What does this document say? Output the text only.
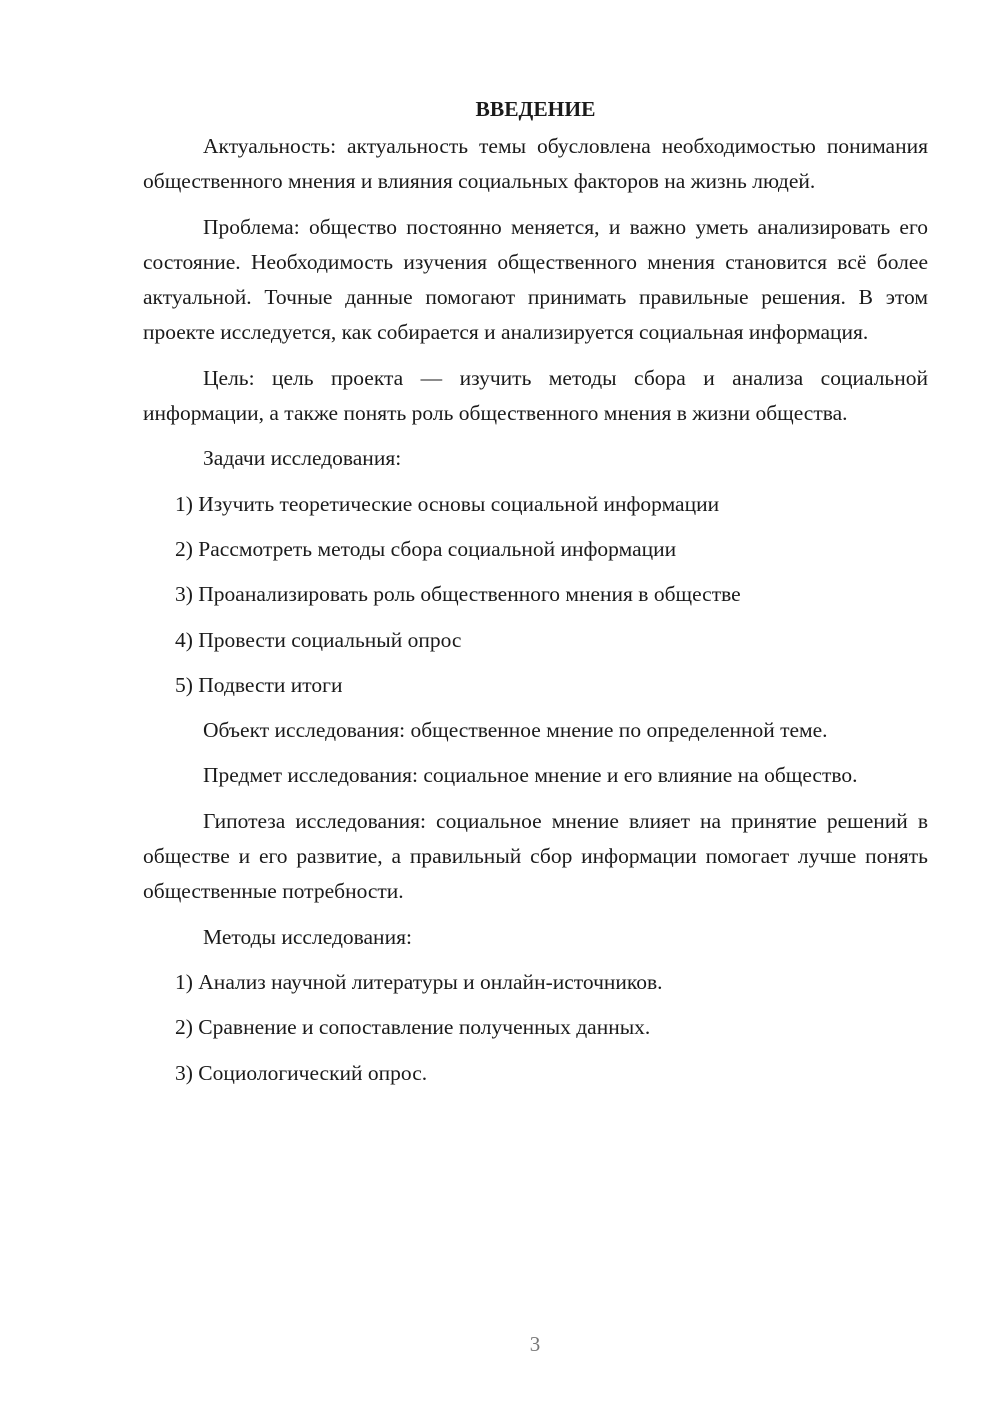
ВВЕДЕНИЕ

Актуальность: актуальность темы обусловлена необходимостью понимания общественного мнения и влияния социальных факторов на жизнь людей.

Проблема: общество постоянно меняется, и важно уметь анализировать его состояние. Необходимость изучения общественного мнения становится всё более актуальной. Точные данные помогают принимать правильные решения. В этом проекте исследуется, как собирается и анализируется социальная информация.

Цель: цель проекта — изучить методы сбора и анализа социальной информации, а также понять роль общественного мнения в жизни общества.

Задачи исследования:

1) Изучить теоретические основы социальной информации
2) Рассмотреть методы сбора социальной информации
3) Проанализировать роль общественного мнения в обществе
4) Провести социальный опрос
5) Подвести итоги

Объект исследования: общественное мнение по определенной теме.

Предмет исследования: социальное мнение и его влияние на общество.

Гипотеза исследования: социальное мнение влияет на принятие решений в обществе и его развитие, а правильный сбор информации помогает лучше понять общественные потребности.

Методы исследования:

1) Анализ научной литературы и онлайн-источников.
2) Сравнение и сопоставление полученных данных.
3) Социологический опрос.
3
